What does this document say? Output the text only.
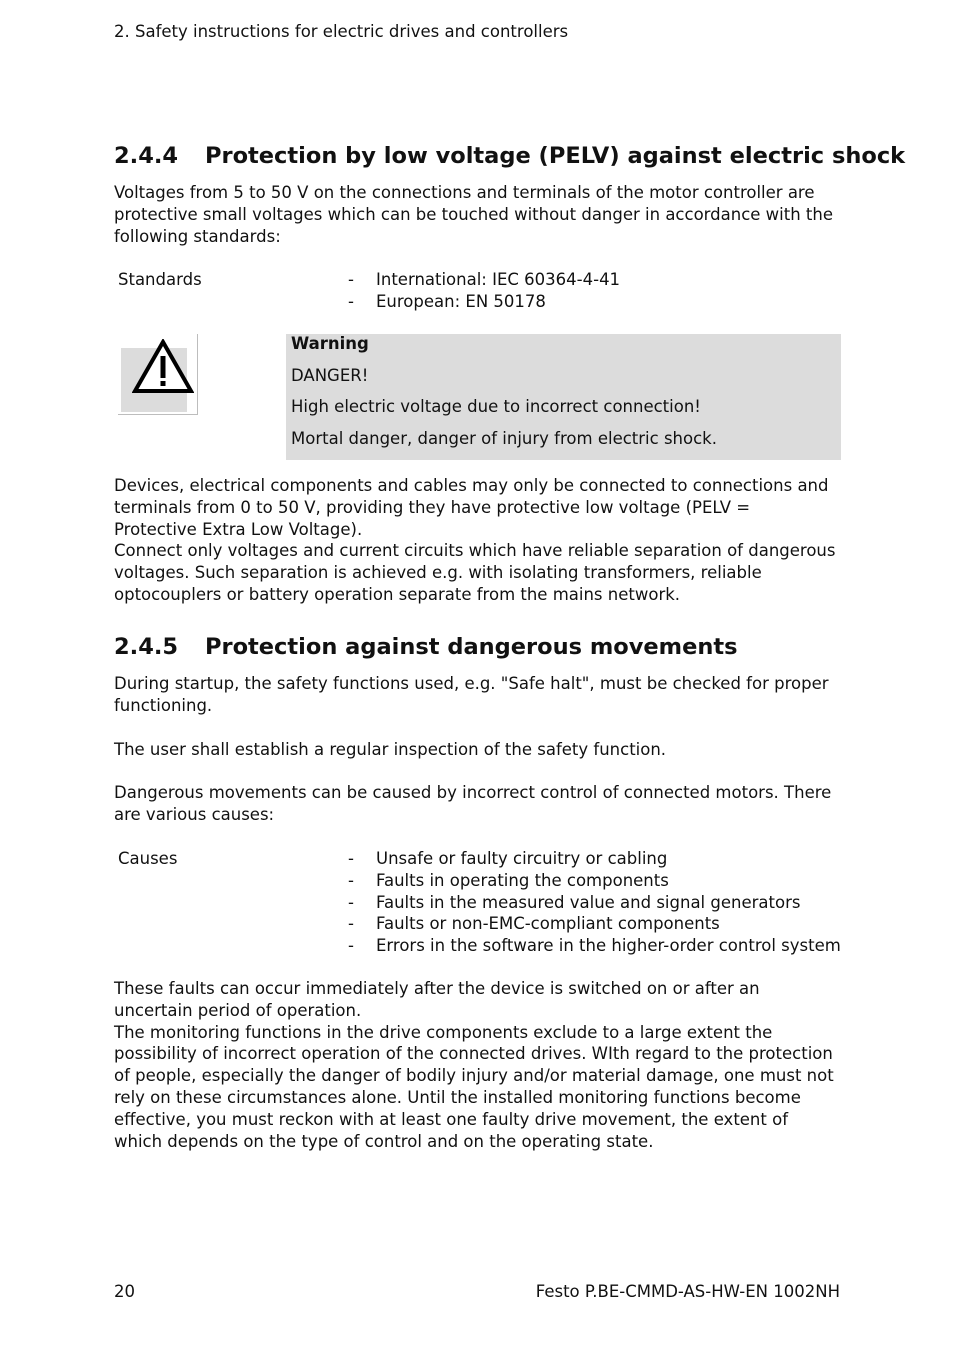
2. Safety instructions for electric drives and controllers
2.4.4 Protection by low voltage (PELV) against electric shock

Voltages from 5 to 50 V on the connections and terminals of the motor controller are protective small voltages which can be touched without danger in accordance with the following standards:

Standards	- International: IEC 60364-4-41
- European: EN 50178
Warning
DANGER!
High electric voltage due to incorrect connection!
Mortal danger, danger of injury from electric shock.

Devices, electrical components and cables may only be connected to connections and terminals from 0 to 50 V, providing they have protective low voltage (PELV = Protective Extra Low Voltage).

Connect only voltages and current circuits which have reliable separation of dangerous voltages. Such separation is achieved e.g. with isolating transformers, reliable optocouplers or battery operation separate from the mains network.

2.4.5 Protection against dangerous movements

During startup, the safety functions used, e.g. "Safe halt", must be checked for proper functioning.

The user shall establish a regular inspection of the safety function.

Dangerous movements can be caused by incorrect control of connected motors. There are various causes:

Causes	- Unsafe or faulty circuitry or cabling
- Faults in operating the components
- Faults in the measured value and signal generators
- Faults or non-EMC-compliant components
- Errors in the software in the higher-order control system

These faults can occur immediately after the device is switched on or after an uncertain period of operation.

The monitoring functions in the drive components exclude to a large extent the possibility of incorrect operation of the connected drives. WIth regard to the protection of people, especially the danger of bodily injury and/or material damage, one must not rely on these circumstances alone. Until the installed monitoring functions become effective, you must reckon with at least one faulty drive movement, the extent of which depends on the type of control and on the operating state.

20	Festo P.BE-CMMD-AS-HW-EN 1002NH
